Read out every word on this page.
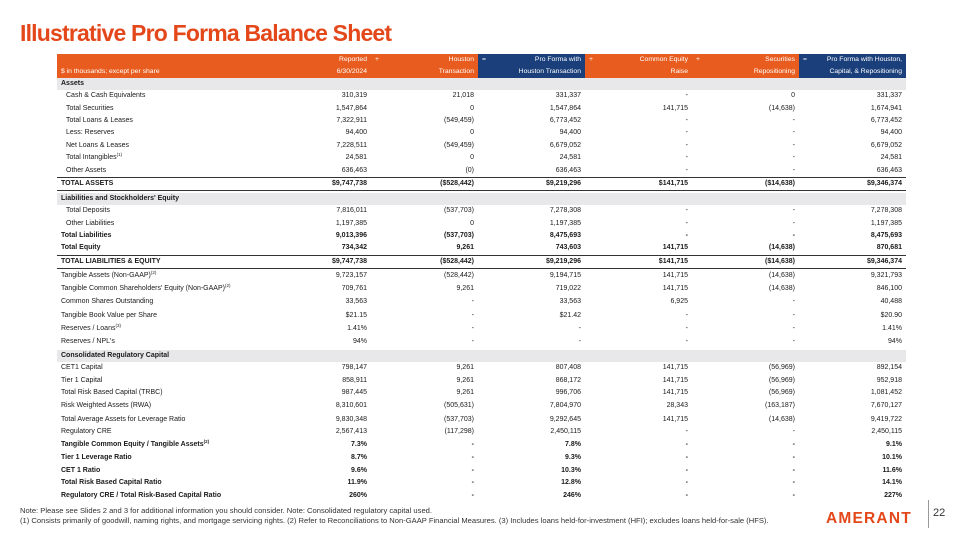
Illustrative Pro Forma Balance Sheet
	Reported	+ Houston	= Pro Forma with	+ Common Equity	+ Securities	= Pro Forma with Houston,
$ in thousands; except per share	6/30/2024	Transaction	Houston Transaction	Raise	Repositioning	Capital, & Repositioning
Assets						
Cash & Cash Equivalents	310,319	21,018	331,337	-	0	331,337
Total Securities	1,547,864	0	1,547,864	141,715	(14,638)	1,674,941
Total Loans & Leases	7,322,911	(549,459)	6,773,452	-	-	6,773,452
Less: Reserves	94,400	0	94,400	-	-	94,400
Net Loans & Leases	7,228,511	(549,459)	6,679,052	-	-	6,679,052
Total Intangibles$^{(1)}$	24,581	0	24,581	-	-	24,581
Other Assets	636,463	(0)	636,463	-	-	636,463
TOTAL ASSETS	$9,747,738	($528,442)	$9,219,296	$141,715	($14,638)	$9,346,374

Liabilities and Stockholders' Equity						
Total Deposits	7,816,011	(537,703)	7,278,308	-	-	7,278,308
Other Liabilities	1,197,385	0	1,197,385	-	-	1,197,385
Total Liabilities	9,013,396	(537,703)	8,475,693	-	-	8,475,693
Total Equity	734,342	9,261	743,603	141,715	(14,638)	870,681
TOTAL LIABILITIES & EQUITY	$9,747,738	($528,442)	$9,219,296	$141,715	($14,638)	$9,346,374
Tangible Assets (Non-GAAP)$^{(2)}$	9,723,157	(528,442)	9,194,715	141,715	(14,638)	9,321,793
Tangible Common Shareholders' Equity (Non-GAAP)$^{(2)}$	709,761	9,261	719,022	141,715	(14,638)	846,100
Common Shares Outstanding	33,563	-	33,563	6,925	-	40,488
Tangible Book Value per Share	$21.15	-	$21.42	-	-	$20.90
Reserves / Loans$^{(3)}$	1.41%	-	-	-	-	1.41%
Reserves / NPL's	94%	-	-	-	-	94%

Consolidated Regulatory Capital						
CET1 Capital	798,147	9,261	807,408	141,715	(56,969)	892,154
Tier 1 Capital	858,911	9,261	868,172	141,715	(56,969)	952,918
Total Risk Based Capital (TRBC)	987,445	9,261	996,706	141,715	(56,969)	1,081,452
Risk Weighted Assets (RWA)	8,310,601	(505,631)	7,804,970	28,343	(163,187)	7,670,127
Total Average Assets for Leverage Ratio	9,830,348	(537,703)	9,292,645	141,715	(14,638)	9,419,722
Regulatory CRE	2,567,413	(117,298)	2,450,115	-	-	2,450,115
Tangible Common Equity / Tangible Assets$^{(2)}$	7.3%	-	7.8%	-	-	9.1%
Tier 1 Leverage Ratio	8.7%	-	9.3%	-	-	10.1%
CET 1 Ratio	9.6%	-	10.3%	-	-	11.6%
Total Risk Based Capital Ratio	11.9%	-	12.8%	-	-	14.1%
Regulatory CRE / Total Risk-Based Capital Ratio	260%	-	246%	-	-	227%
Note: Please see Slides 2 and 3 for additional information you should consider. Note: Consolidated regulatory capital used.
(1) Consists primarily of goodwill, naming rights, and mortgage servicing rights. (2) Refer to Reconciliations to Non-GAAP Financial Measures. (3) Includes loans held-for-investment (HFI); excludes loans held-for-sale (HFS).	AMERANT 22
